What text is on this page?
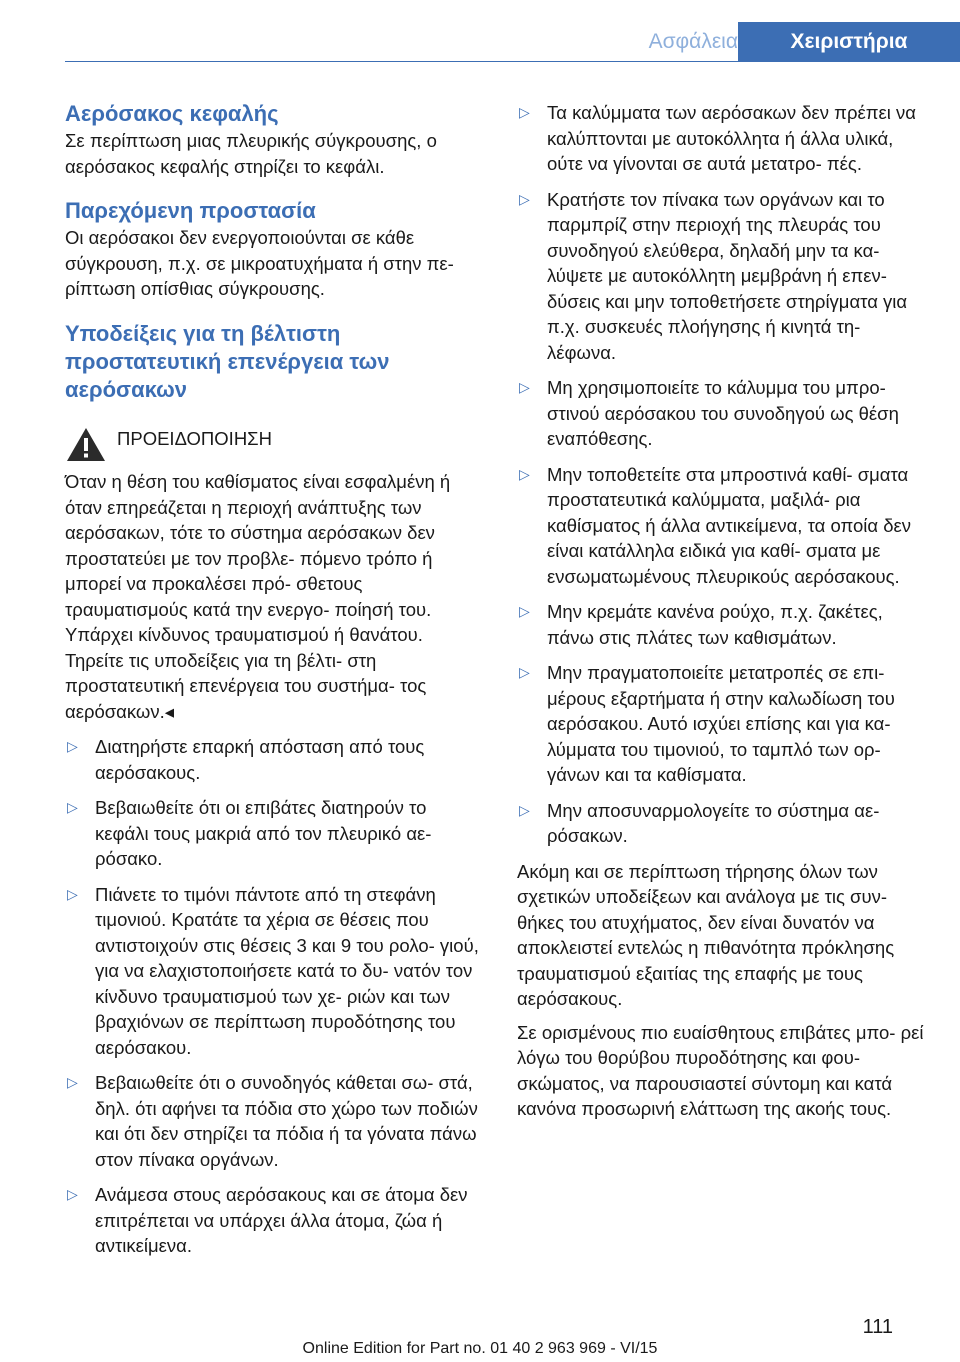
Ασφάλεια	Χειριστήρια
Αερόσακος κεφαλής

Σε περίπτωση μιας πλευρικής σύγκρουσης, ο αερόσακος κεφαλής στηρίζει το κεφάλι.

Παρεχόμενη προστασία

Οι αερόσακοι δεν ενεργοποιούνται σε κάθε σύγκρουση, π.χ. σε μικροατυχήματα ή στην πε‐ ρίπτωση οπίσθιας σύγκρουσης.

Υποδείξεις για τη βέλτιστη προστατευτική επενέργεια των αερόσακων
ΠΡΟΕΙΔΟΠΟΙΗΣΗ

Όταν η θέση του καθίσματος είναι εσφαλμένη ή όταν επηρεάζεται η περιοχή ανάπτυξης των αερόσακων, τότε το σύστημα αερόσακων δεν προστατεύει με τον προβλε‐ πόμενο τρόπο ή μπορεί να προκαλέσει πρό‐ σθετους τραυματισμούς κατά την ενεργο‐ ποίησή του. Υπάρχει κίνδυνος τραυματισμού ή θανάτου. Τηρείτε τις υποδείξεις για τη βέλτι‐ στη προστατευτική επενέργεια του συστήμα‐ τος αερόσακων.◂

▷ Διατηρήστε επαρκή απόσταση από τους αερόσακους.
▷ Βεβαιωθείτε ότι οι επιβάτες διατηρούν το κεφάλι τους μακριά από τον πλευρικό αε‐ ρόσακο.
▷ Πιάνετε το τιμόνι πάντοτε από τη στεφάνη τιμονιού. Κρατάτε τα χέρια σε θέσεις που αντιστοιχούν στις θέσεις 3 και 9 του ρολο‐ γιού, για να ελαχιστοποιήσετε κατά το δυ‐ νατόν τον κίνδυνο τραυματισμού των χε‐ ριών και των βραχιόνων σε περίπτωση πυροδότησης του αερόσακου.
▷ Βεβαιωθείτε ότι ο συνοδηγός κάθεται σω‐ στά, δηλ. ότι αφήνει τα πόδια στο χώρο των ποδιών και ότι δεν στηρίζει τα πόδια ή τα γόνατα πάνω στον πίνακα οργάνων.
▷ Ανάμεσα στους αερόσακους και σε άτομα δεν επιτρέπεται να υπάρχει άλλα άτομα, ζώα ή αντικείμενα.
▷ Τα καλύμματα των αερόσακων δεν πρέπει να καλύπτονται με αυτοκόλλητα ή άλλα υλικά, ούτε να γίνονται σε αυτά μετατρο‐ πές.
▷ Κρατήστε τον πίνακα των οργάνων και το παρμπρίζ στην περιοχή της πλευράς του συνοδηγού ελεύθερα, δηλαδή μην τα κα‐ λύψετε με αυτοκόλλητη μεμβράνη ή επεν‐ δύσεις και μην τοποθετήσετε στηρίγματα για π.χ. συσκευές πλοήγησης ή κινητά τη‐ λέφωνα.
▷ Μη χρησιμοποιείτε το κάλυμμα του μπρο‐ στινού αερόσακου του συνοδηγού ως θέση εναπόθεσης.
▷ Μην τοποθετείτε στα μπροστινά καθί‐ σματα προστατευτικά καλύμματα, μαξιλά‐ ρια καθίσματος ή άλλα αντικείμενα, τα οποία δεν είναι κατάλληλα ειδικά για καθί‐ σματα με ενσωματωμένους πλευρικούς αερόσακους.
▷ Μην κρεμάτε κανένα ρούχο, π.χ. ζακέτες, πάνω στις πλάτες των καθισμάτων.
▷ Μην πραγματοποιείτε μετατροπές σε επι‐ μέρους εξαρτήματα ή στην καλωδίωση του αερόσακου. Αυτό ισχύει επίσης και για κα‐ λύμματα του τιμονιού, το ταμπλό των ορ‐ γάνων και τα καθίσματα.
▷ Μην αποσυναρμολογείτε το σύστημα αε‐ ρόσακων.

Ακόμη και σε περίπτωση τήρησης όλων των σχετικών υποδείξεων και ανάλογα με τις συν‐ θήκες του ατυχήματος, δεν είναι δυνατόν να αποκλειστεί εντελώς η πιθανότητα πρόκλησης τραυματισμού εξαιτίας της επαφής με τους αερόσακους.

Σε ορισμένους πιο ευαίσθητους επιβάτες μπο‐ ρεί λόγω του θορύβου πυροδότησης και φου‐ σκώματος, να παρουσιαστεί σύντομη και κατά κανόνα προσωρινή ελάττωση της ακοής τους.

111
Online Edition for Part no. 01 40 2 963 969 - VI/15
